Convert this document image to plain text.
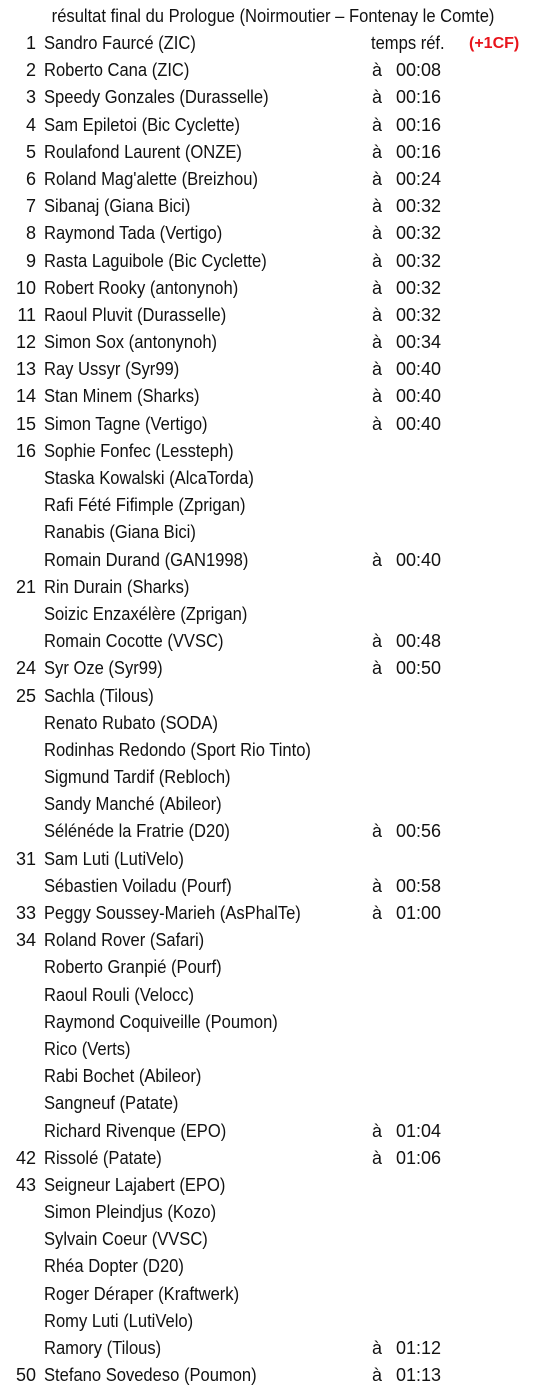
résultat final du Prologue (Noirmoutier – Fontenay le Comte)
1 Sandro Faurcé (ZIC)	temps réf. (+1CF)
2 Roberto Cana (ZIC)	à 00:08
3 Speedy Gonzales (Durasselle)	à 00:16
4 Sam Epiletoi (Bic Cyclette)	à 00:16
5 Roulafond Laurent (ONZE)	à 00:16
6 Roland Mag'alette (Breizhou)	à 00:24
7 Sibanaj (Giana Bici)	à 00:32
8 Raymond Tada (Vertigo)	à 00:32
9 Rasta Laguibole (Bic Cyclette)	à 00:32
10 Robert Rooky (antonynoh)	à 00:32
11 Raoul Pluvit (Durasselle)	à 00:32
12 Simon Sox (antonynoh)	à 00:34
13 Ray Ussyr (Syr99)	à 00:40
14 Stan Minem (Sharks)	à 00:40
15 Simon Tagne (Vertigo)	à 00:40
16 Sophie Fonfec (Lessteph)
Staska Kowalski (AlcaTorda)
Rafi Fété Fifimple (Zprigan)
Ranabis (Giana Bici)
Romain Durand (GAN1998)	à 00:40
21 Rin Durain (Sharks)
Soizic Enzaxélère (Zprigan)
Romain Cocotte (VVSC)	à 00:48
24 Syr Oze (Syr99)	à 00:50
25 Sachla (Tilous)
Renato Rubato (SODA)
Rodinhas Redondo (Sport Rio Tinto)
Sigmund Tardif (Rebloch)
Sandy Manché (Abileor)
Sélénéde la Fratrie (D20)	à 00:56
31 Sam Luti (LutiVelo)
Sébastien Voiladu (Pourf)	à 00:58
33 Peggy Soussey-Marieh (AsPhalTe)	à 01:00
34 Roland Rover (Safari)
Roberto Granpié (Pourf)
Raoul Rouli (Velocc)
Raymond Coquiveille (Poumon)
Rico (Verts)
Rabi Bochet (Abileor)
Sangneuf (Patate)
Richard Rivenque (EPO)	à 01:04
42 Rissolé (Patate)	à 01:06
43 Seigneur Lajabert (EPO)
Simon Pleindjus (Kozo)
Sylvain Coeur (VVSC)
Rhéa Dopter (D20)
Roger Déraper (Kraftwerk)
Romy Luti (LutiVelo)
Ramory (Tilous)	à 01:12
50 Stefano Sovedeso (Poumon)	à 01:13
